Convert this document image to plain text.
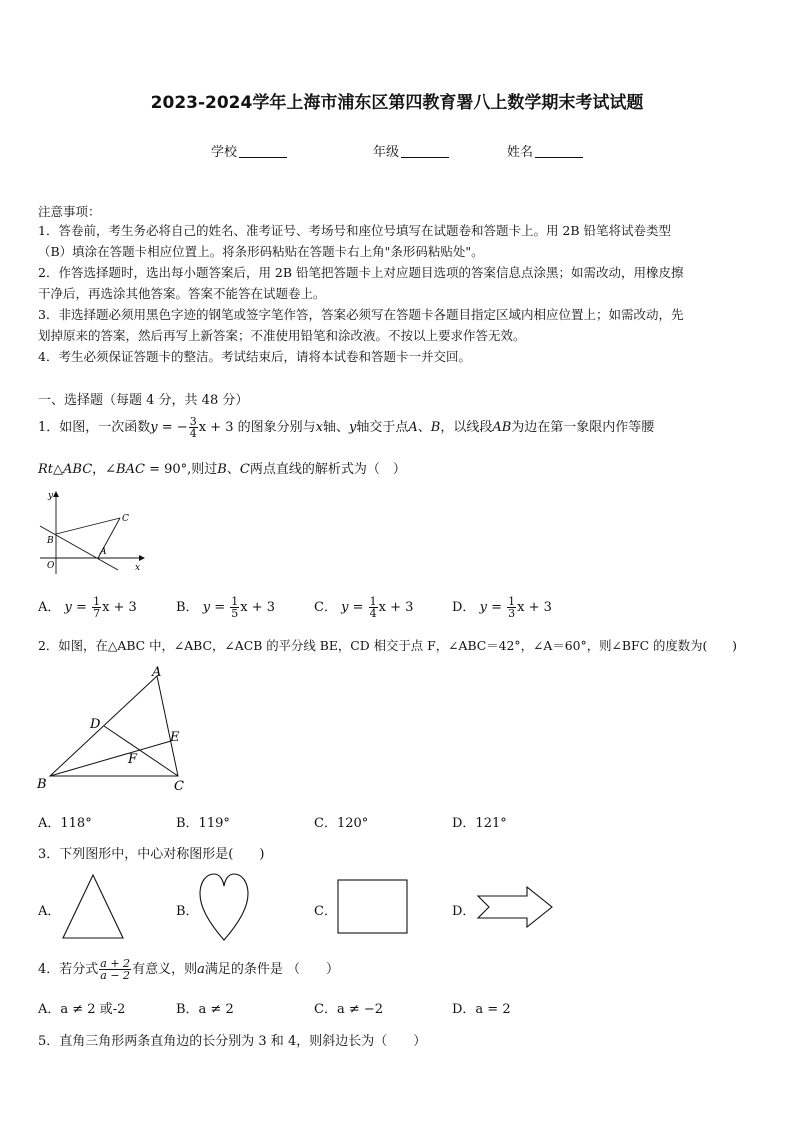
2023-2024学年上海市浦东区第四教育署八上数学期末考试试题
学校	年级	姓名
注意事项：
1．答卷前，考生务必将自己的姓名、准考证号、考场号和座位号填写在试题卷和答题卡上。用 2B 铅笔将试卷类型
（B）填涂在答题卡相应位置上。将条形码粘贴在答题卡右上角"条形码粘贴处"。
2．作答选择题时，选出每小题答案后，用 2B 铅笔把答题卡上对应题目选项的答案信息点涂黑；如需改动，用橡皮擦
干净后，再选涂其他答案。答案不能答在试题卷上。
3．非选择题必须用黑色字迹的钢笔或签字笔作答，答案必须写在答题卡各题目指定区域内相应位置上；如需改动，先
划掉原来的答案，然后再写上新答案；不准使用铅笔和涂改液。不按以上要求作答无效。
4．考生必须保证答题卡的整洁。考试结束后，请将本试卷和答题卡一并交回。
一、选择题（每题 4 分，共 48 分）
1．如图，一次函数y = − $\frac{3}{4}$ x + 3 的图象分别与x轴、y轴交于点A、B，以线段AB为边在第一象限内作等腰
Rt△ABC，∠BAC = 90°,则过B、C两点直线的解析式为（　）
y
x
O
B
A
C
A． $y = \frac{1}{7}$ x + 3	B． $y = \frac{1}{5}$ x + 3	C． $y = \frac{1}{4}$ x + 3	D． $y = \frac{1}{3}$ x + 3
2．如图，在△ABC 中，∠ABC，∠ACB 的平分线 BE，CD 相交于点 F，∠ABC＝42°，∠A＝60°，则∠BFC 的度数为(　　)
A
B	C
D
E
F
A．118°	B．119°	C．120°	D．121°
3．下列图形中，中心对称图形是(　　)
A．	B．	C．	D．
4．若分式 $\frac{a + 2}{a - 2}$ 有意义，则a满足的条件是 （　　）
A．a ≠ 2 或-2	B．a ≠ 2	C．a ≠ −2	D．a = 2
5．直角三角形两条直角边的长分别为 3 和 4，则斜边长为（　　）
